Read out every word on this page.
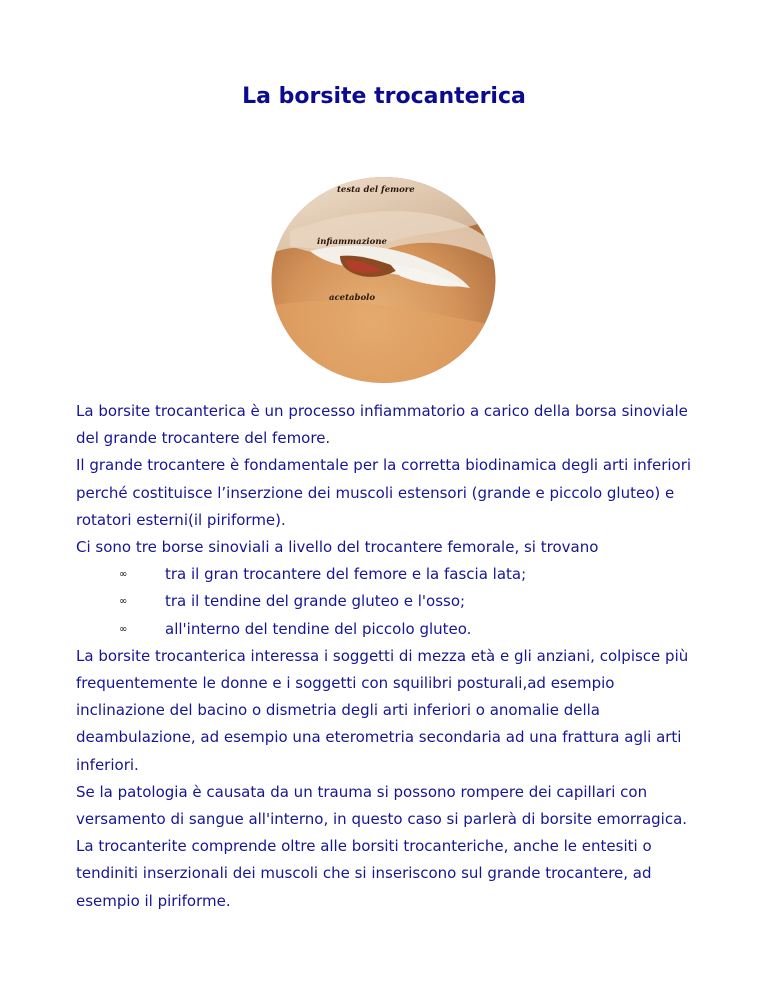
La borsite trocanterica
testa del femore
infiammazione
acetabolo

La borsite trocanterica è un processo infiammatorio a carico della borsa sinoviale del grande trocantere del femore.

Il grande trocantere è fondamentale per la corretta biodinamica degli arti inferiori perché costituisce l’inserzione dei muscoli estensori (grande e piccolo gluteo) e rotatori esterni(il piriforme).

Ci sono tre borse sinoviali a livello del trocantere femorale, si trovano

∞	tra il gran trocantere del femore e la fascia lata;
∞	tra il tendine del grande gluteo e l'osso;
∞	all'interno del tendine del piccolo gluteo.

La borsite trocanterica interessa i soggetti di mezza età e gli anziani, colpisce più frequentemente le donne e i soggetti con squilibri posturali,ad esempio inclinazione del bacino o dismetria degli arti inferiori o anomalie della deambulazione, ad esempio una eterometria secondaria ad una frattura agli arti inferiori.

Se la patologia è causata da un trauma si possono rompere dei capillari con versamento di sangue all'interno, in questo caso si parlerà di borsite emorragica.

La trocanterite comprende oltre alle borsiti trocanteriche, anche le entesiti o tendiniti inserzionali dei muscoli che si inseriscono sul grande trocantere, ad esempio il piriforme.
